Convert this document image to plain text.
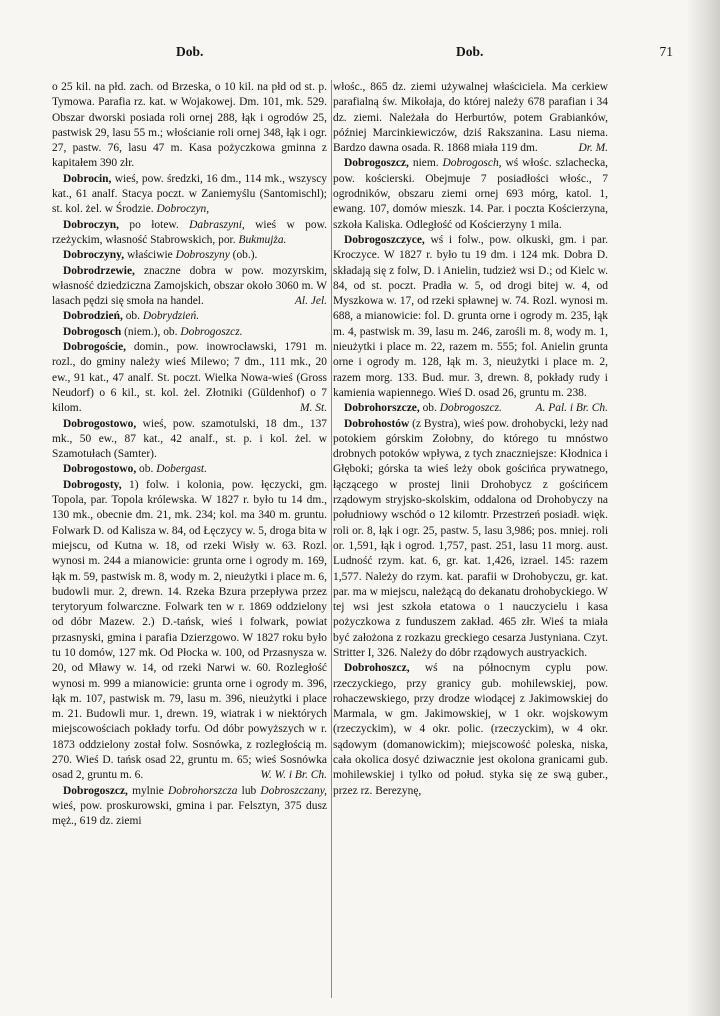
Dob.	Dob.	71

o 25 kil. na płd. zach. od Brzeska, o 10 kil. na płd od st. p. Tymowa. Parafia rz. kat. w Wojakowej. Dm. 101, mk. 529. Obszar dworski posiada roli ornej 288, łąk i ogrodów 25, pastwisk 29, lasu 55 m.; włościanie roli ornej 348, łąk i ogr. 27, pastw. 76, lasu 47 m. Kasa pożyczkowa gminna z kapitałem 390 złr.

Dobrocin, wieś, pow. średzki, 16 dm., 114 mk., wszyscy kat., 61 analf. Stacya poczt. w Zaniemyślu (Santomischl); st. kol. żel. w Środzie. Dobroczyn,

Dobroczyn, po łotew. Dabraszyni, wieś w pow. rzeżyckim, własność Stabrowskich, por. Bukmujża.

Dobroczyny, właściwie Dobroszyny (ob.).

Dobrodrzewie, znaczne dobra w pow. mozyrskim, własność dziedziczna Zamojskich, obszar około 3060 m. W lasach pędzi się smoła na handel.	Al. Jel.

Dobrodzień, ob. Dobrydzień.

Dobrogosch (niem.), ob. Dobrogoszcz.

Dobrogoście, domin., pow. inowrocławski, 1791 m. rozl., do gminy należy wieś Milewo; 7 dm., 111 mk., 20 ew., 91 kat., 47 analf. St. poczt. Wielka Nowa-wieś (Gross Neudorf) o 6 kil., st. kol. żel. Złotniki (Güldenhof) o 7 kilom.	M. St.

Dobrogostowo, wieś, pow. szamotulski, 18 dm., 137 mk., 50 ew., 87 kat., 42 analf., st. p. i kol. żel. w Szamotułach (Samter).

Dobrogostowo, ob. Dobergast.

Dobrogosty, 1) folw. i kolonia, pow. łęczycki, gm. Topola, par. Topola królewska. W 1827 r. było tu 14 dm., 130 mk., obecnie dm. 21, mk. 234; kol. ma 340 m. gruntu. Folwark D. od Kalisza w. 84, od Łęczycy w. 5, droga bita w miejscu, od Kutna w. 18, od rzeki Wisły w. 63. Rozl. wynosi m. 244 a mianowicie: grunta orne i ogrody m. 169, łąk m. 59, pastwisk m. 8, wody m. 2, nieużytki i place m. 6, budowli mur. 2, drewn. 14. Rzeka Bzura przepływa przez terytoryum folwarczne. Folwark ten w r. 1869 oddzielony od dóbr Mazew. 2.) D.-tańsk, wieś i folwark, powiat przasnyski, gmina i parafia Dzierzgowo. W 1827 roku było tu 10 domów, 127 mk. Od Płocka w. 100, od Przasnysza w. 20, od Mławy w. 14, od rzeki Narwi w. 60. Rozległość wynosi m. 999 a mianowicie: grunta orne i ogrody m. 396, łąk m. 107, pastwisk m. 79, lasu m. 396, nieużytki i place m. 21. Budowli mur. 1, drewn. 19, wiatrak i w niektórych miejscowościach pokłady torfu. Od dóbr powyższych w r. 1873 oddzielony został folw. Sosnówka, z rozległością m. 270. Wieś D. tańsk osad 22, gruntu m. 65; wieś Sosnówka osad 2, gruntu m. 6.	W. W. i Br. Ch.

Dobrogoszcz, mylnie Dobrohorszcza lub Dobroszczany, wieś, pow. proskurowski, gmina i par. Felsztyn, 375 dusz męż., 619 dz. ziemi

włośc., 865 dz. ziemi używalnej właściciela. Ma cerkiew parafialną św. Mikołaja, do której należy 678 parafian i 34 dz. ziemi. Należała do Herburtów, potem Grabianków, później Marcinkiewiczów, dziś Rakszanina. Lasu niema. Bardzo dawna osada. R. 1868 miała 119 dm.	Dr. M.

Dobrogoszcz, niem. Dobrogosch, wś włośc. szlachecka, pow. kościerski. Obejmuje 7 posiadłości włośc., 7 ogrodników, obszaru ziemi ornej 693 mórg, katol. 1, ewang. 107, domów mieszk. 14. Par. i poczta Kościerzyna, szkoła Kaliska. Odległość od Kościerzyny 1 mila.

Dobrogoszczyce, wś i folw., pow. olkuski, gm. i par. Kroczyce. W 1827 r. było tu 19 dm. i 124 mk. Dobra D. składają się z folw, D. i Anielin, tudzież wsi D.; od Kielc w. 84, od st. poczt. Pradła w. 5, od drogi bitej w. 4, od Myszkowa w. 17, od rzeki spławnej w. 74. Rozl. wynosi m. 688, a mianowicie: fol. D. grunta orne i ogrody m. 235, łąk m. 4, pastwisk m. 39, lasu m. 246, zarośli m. 8, wody m. 1, nieużytki i place m. 22, razem m. 555; fol. Anielin grunta orne i ogrody m. 128, łąk m. 3, nieużytki i place m. 2, razem morg. 133. Bud. mur. 3, drewn. 8, pokłady rudy i kamienia wapiennego. Wieś D. osad 26, gruntu m. 238.
A. Pal. i Br. Ch.

Dobrohorszcze, ob. Dobrogoszcz.

Dobrohostów (z Bystra), wieś pow. drohobycki, leży nad potokiem górskim Zołobny, do którego tu mnóstwo drobnych potoków wpływa, z tych znaczniejsze: Kłodnica i Głęboki; górska ta wieś leży obok gościńca prywatnego, łączącego w prostej linii Drohobycz z gościńcem rządowym stryjsko-skolskim, oddalona od Drohobyczy na południowy wschód o 12 kilomtr. Przestrzeń posiadł. więk. roli or. 8, łąk i ogr. 25, pastw. 5, lasu 3,986; pos. mniej. roli or. 1,591, łąk i ogrod. 1,757, past. 251, lasu 11 morg. aust. Ludność rzym. kat. 6, gr. kat. 1,426, izrael. 145: razem 1,577. Należy do rzym. kat. parafii w Drohobyczu, gr. kat. par. ma w miejscu, należącą do dekanatu drohobyckiego. W tej wsi jest szkoła etatowa o 1 nauczycielu i kasa pożyczkowa z funduszem zakład. 465 złr. Wieś ta miała być założona z rozkazu greckiego cesarza Justyniana. Czyt. Stritter I, 326. Należy do dóbr rządowych austryackich.

Dobrohoszcz, wś na północnym cyplu pow. rzeczyckiego, przy granicy gub. mohilewskiej, pow. rohaczewskiego, przy drodze wiodącej z Jakimowskiej do Marmala, w gm. Jakimowskiej, w 1 okr. wojskowym (rzeczyckim), w 4 okr. polic. (rzeczyckim), w 4 okr. sądowym (domanowickim); miejscowość poleska, niska, cała okolica dosyć dziwacznie jest okolona granicami gub. mohilewskiej i tylko od połud. styka się ze swą guber., przez rz. Berezynę,
